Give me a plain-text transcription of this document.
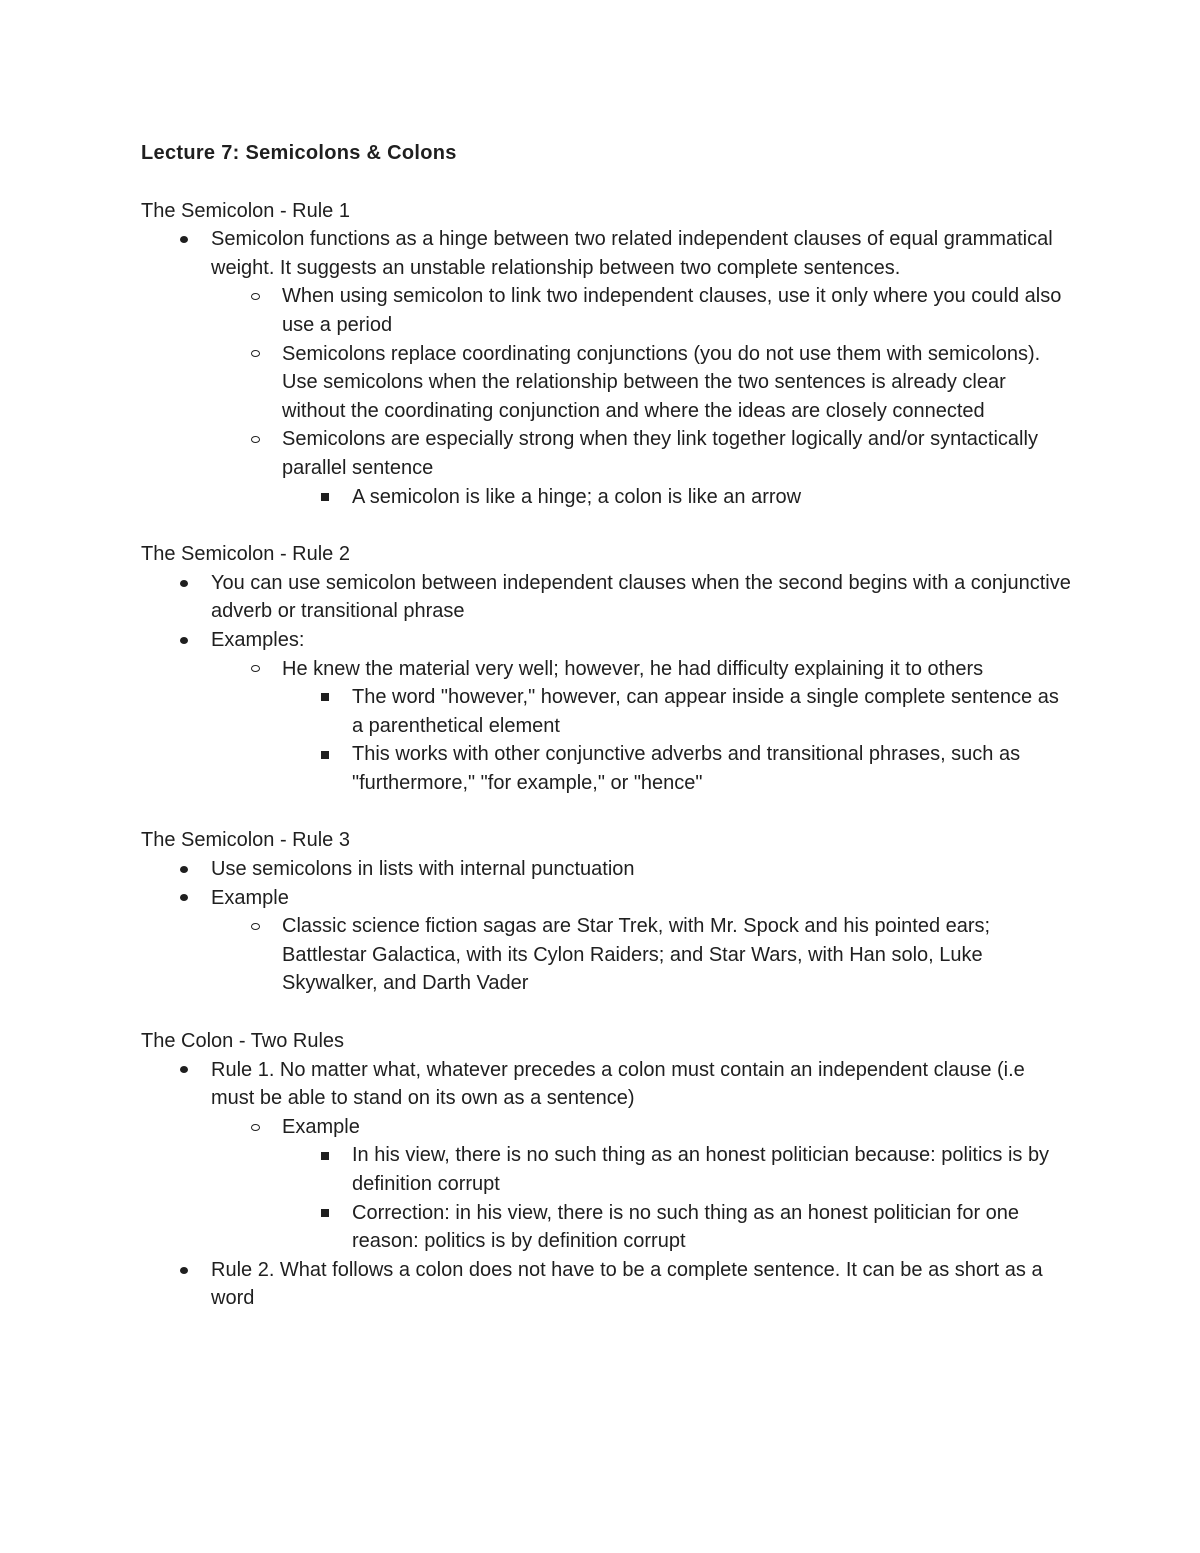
Lecture 7: Semicolons & Colons
The Semicolon - Rule 1
Semicolon functions as a hinge between two related independent clauses of equal grammatical weight. It suggests an unstable relationship between two complete sentences.
When using semicolon to link two independent clauses, use it only where you could also use a period
Semicolons replace coordinating conjunctions (you do not use them with semicolons). Use semicolons when the relationship between the two sentences is already clear without the coordinating conjunction and where the ideas are closely connected
Semicolons are especially strong when they link together logically and/or syntactically parallel sentence
A semicolon is like a hinge; a colon is like an arrow
The Semicolon - Rule 2
You can use semicolon between independent clauses when the second begins with a conjunctive adverb or transitional phrase
Examples:
He knew the material very well; however, he had difficulty explaining it to others
The word "however," however, can appear inside a single complete sentence as a parenthetical element
This works with other conjunctive adverbs and transitional phrases, such as "furthermore," "for example," or "hence"
The Semicolon - Rule 3
Use semicolons in lists with internal punctuation
Example
Classic science fiction sagas are Star Trek, with Mr. Spock and his pointed ears; Battlestar Galactica, with its Cylon Raiders; and Star Wars, with Han solo, Luke Skywalker, and Darth Vader
The Colon - Two Rules
Rule 1. No matter what, whatever precedes a colon must contain an independent clause (i.e must be able to stand on its own as a sentence)
Example
In his view, there is no such thing as an honest politician because: politics is by definition corrupt
Correction: in his view, there is no such thing as an honest politician for one reason: politics is by definition corrupt
Rule 2. What follows a colon does not have to be a complete sentence. It can be as short as a word
